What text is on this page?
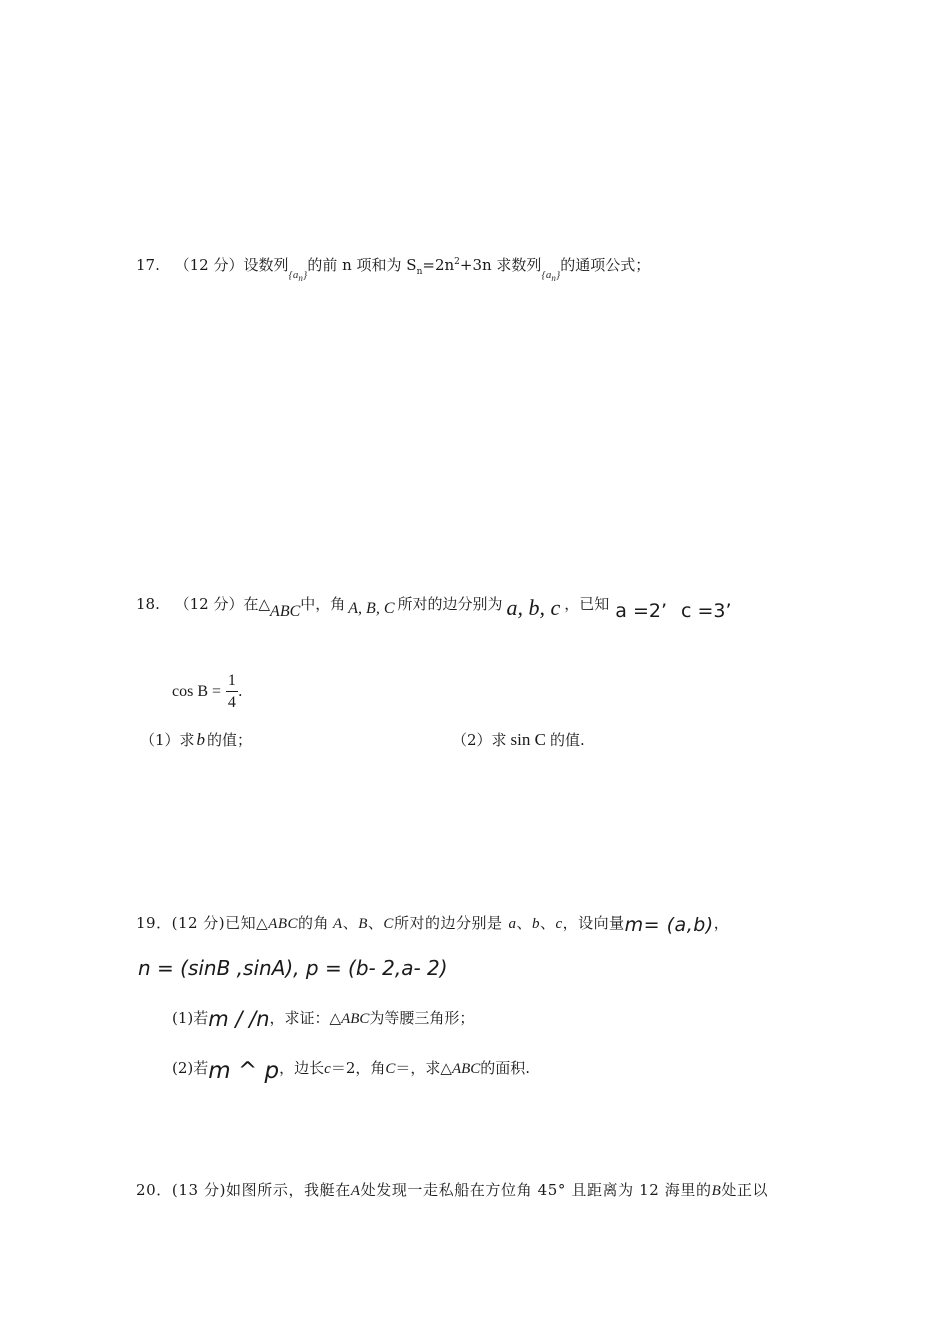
17. （12 分）设数列$_{\{a_n\}}$的前 n 项和为 $S_n=2n^2+3n$ 求数列$_{\{a_n\}}$的通项公式；
18. （12 分）在△ABC中，角 A, B, C 所对的边分别为 a, b, c ，已知 a =2’ c =3’
$\cos B = \frac{1}{4}$ .
（1）求 b 的值；	（2）求 sin C 的值.
19．(12 分)已知△ABC的角 A、B、C所对的边分别是 a、b、c，设向量m= (a,b)，
n = (sinB ,sinA), p = (b- 2,a- 2)
(1)若m / /n，求证：△ABC为等腰三角形；
(2)若m ^ p，边长c＝2，角C＝，求△ABC的面积.
20．(13 分)如图所示，我艇在A处发现一走私船在方位角 45° 且距离为 12 海里的B处正以
